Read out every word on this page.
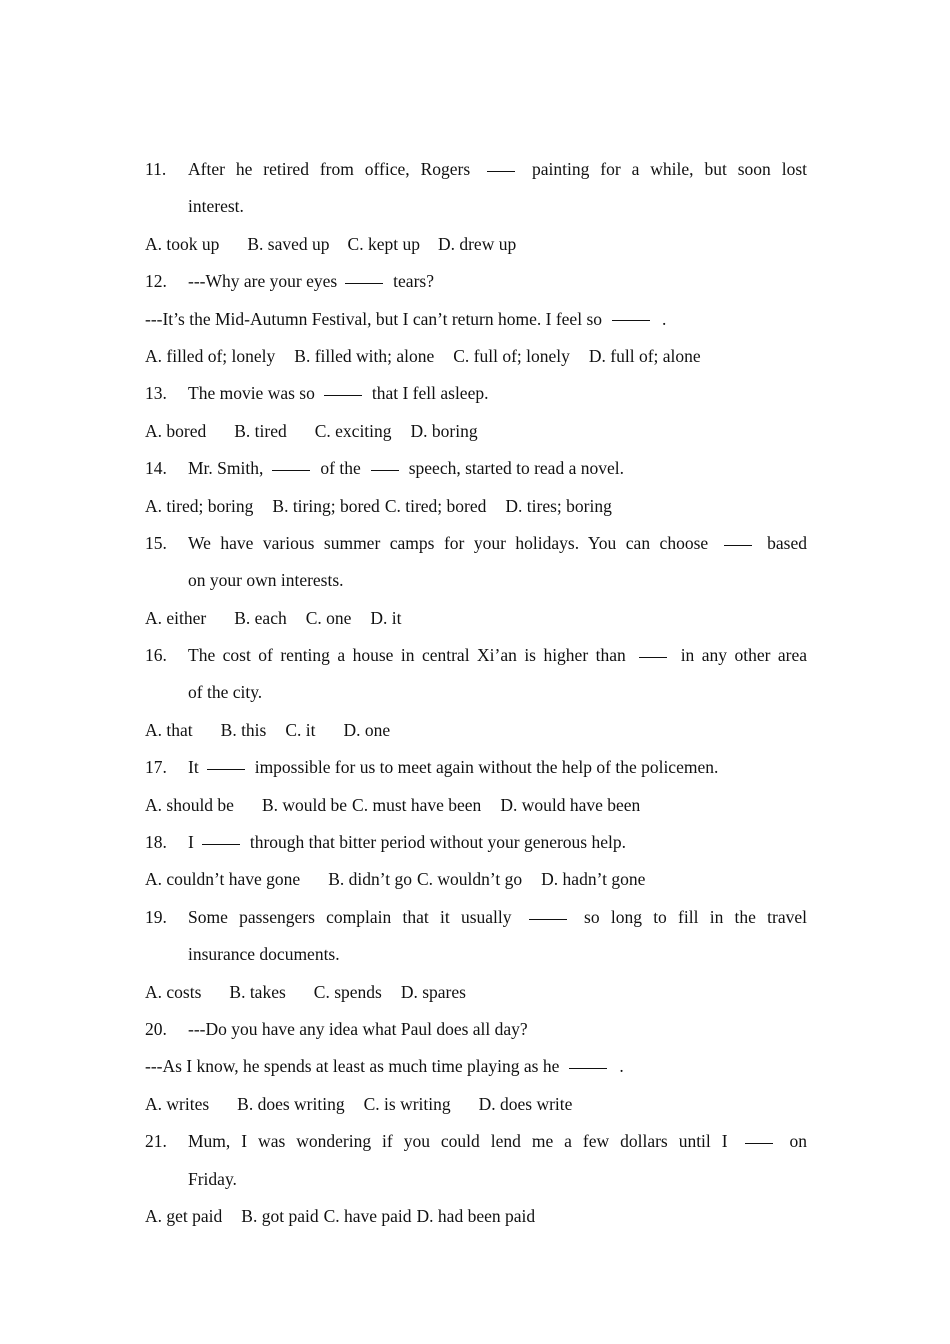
11.	After he retired from office, Rogers	painting for a while, but soon lost
interest.
A. took up B. saved up C. kept up D. drew up
12. ---Why are your eyes	tears?
---It’s the Mid-Autumn Festival, but I can’t return home. I feel so	.
A. filled of; lonely B. filled with; alone C. full of; lonely D. full of; alone
13. The movie was so	that I fell asleep.
A. bored B. tired C. exciting D. boring
14. Mr. Smith,	of the	speech, started to read a novel.
A. tired; boring B. tiring; bored C. tired; bored D. tires; boring
15.	We have various summer camps for your holidays. You can choose	based
on your own interests.
A. either B. each C. one D. it
16.	The cost of renting a house in central Xi’an is higher than	in any other area
of the city.
A. that B. this C. it D. one
17. It	impossible for us to meet again without the help of the policemen.
A. should be B. would be C. must have been D. would have been
18. I	through that bitter period without your generous help.
A. couldn’t have gone B. didn’t go C. wouldn’t go D. hadn’t gone
19.	Some passengers complain that it usually	so long to fill in the travel
insurance documents.
A. costs B. takes C. spends D. spares
20. ---Do you have any idea what Paul does all day?
---As I know, he spends at least as much time playing as he	.
A. writes B. does writing C. is writing D. does write
21.	Mum, I was wondering if you could lend me a few dollars until I	on
Friday.
A. get paid B. got paid C. have paid D. had been paid
